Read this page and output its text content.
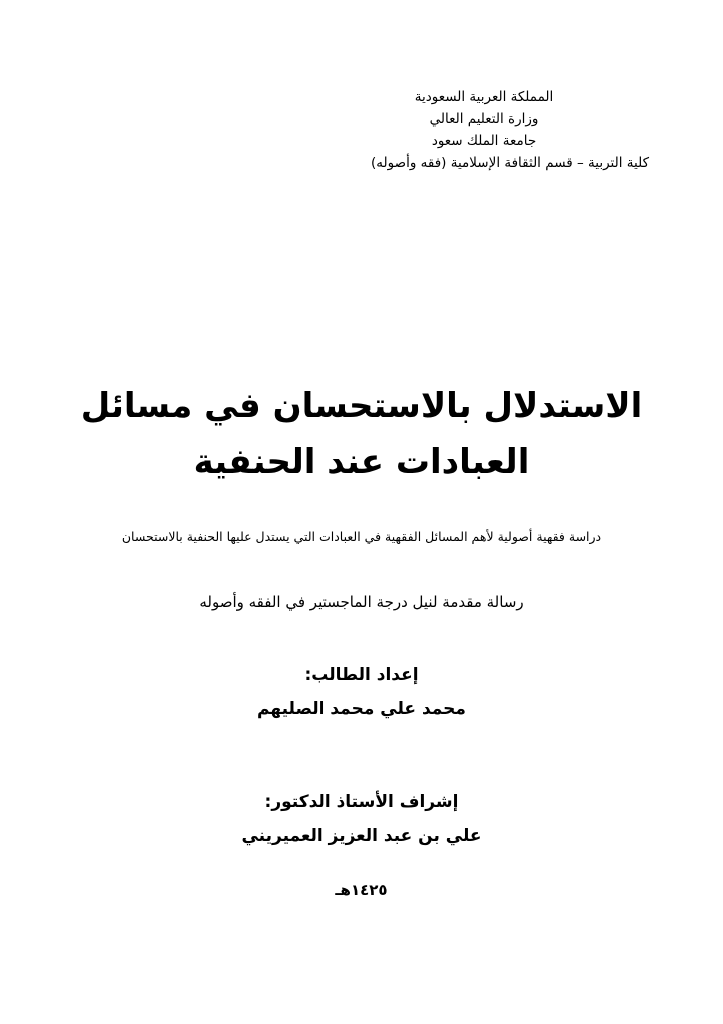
المملكة العربية السعودية
وزارة التعليم العالي
جامعة الملك سعود
كلية التربية – قسم الثقافة الإسلامية (فقه وأصوله)
الاستدلال بالاستحسان في مسائل
العبادات عند الحنفية
دراسة فقهية أصولية لأهم المسائل الفقهية في العبادات التي يستدل عليها الحنفية بالاستحسان
رسالة مقدمة لنيل درجة الماجستير في الفقه وأصوله
إعداد الطالب:
محمد علي محمد الصليهم
إشراف الأستاذ الدكتور:
علي بن عبد العزيز العميريني
١٤٢٥هـ
